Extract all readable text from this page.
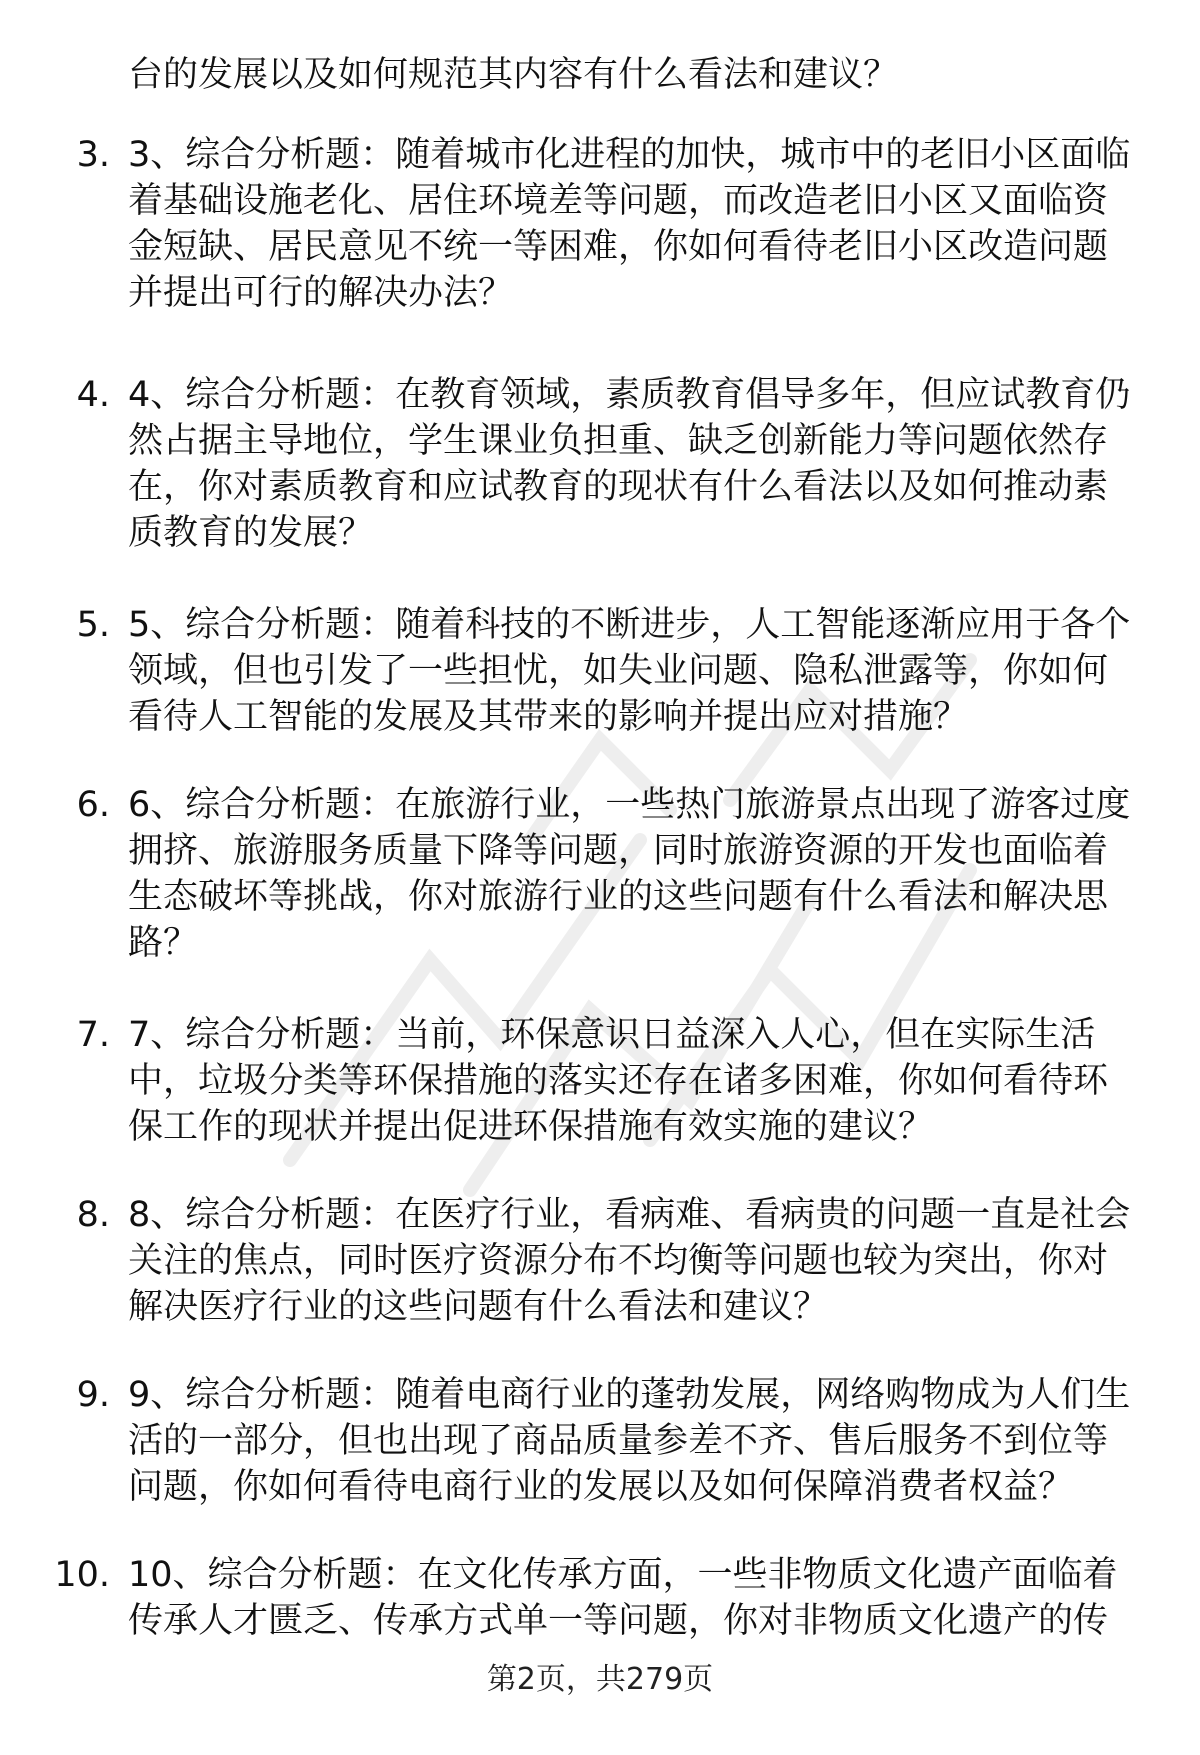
台的发展以及如何规范其内容有什么看法和建议？
3. 3、综合分析题：随着城市化进程的加快，城市中的老旧小区面临
着基础设施老化、居住环境差等问题，而改造老旧小区又面临资
金短缺、居民意见不统一等困难，你如何看待老旧小区改造问题
并提出可行的解决办法？
4. 4、综合分析题：在教育领域，素质教育倡导多年，但应试教育仍
然占据主导地位，学生课业负担重、缺乏创新能力等问题依然存
在，你对素质教育和应试教育的现状有什么看法以及如何推动素
质教育的发展？
5. 5、综合分析题：随着科技的不断进步，人工智能逐渐应用于各个
领域，但也引发了一些担忧，如失业问题、隐私泄露等，你如何
看待人工智能的发展及其带来的影响并提出应对措施？
6. 6、综合分析题：在旅游行业，一些热门旅游景点出现了游客过度
拥挤、旅游服务质量下降等问题，同时旅游资源的开发也面临着
生态破坏等挑战，你对旅游行业的这些问题有什么看法和解决思
路？
7. 7、综合分析题：当前，环保意识日益深入人心，但在实际生活
中，垃圾分类等环保措施的落实还存在诸多困难，你如何看待环
保工作的现状并提出促进环保措施有效实施的建议？
8. 8、综合分析题：在医疗行业，看病难、看病贵的问题一直是社会
关注的焦点，同时医疗资源分布不均衡等问题也较为突出，你对
解决医疗行业的这些问题有什么看法和建议？
9. 9、综合分析题：随着电商行业的蓬勃发展，网络购物成为人们生
活的一部分，但也出现了商品质量参差不齐、售后服务不到位等
问题，你如何看待电商行业的发展以及如何保障消费者权益？
10. 10、综合分析题：在文化传承方面，一些非物质文化遗产面临着
传承人才匮乏、传承方式单一等问题，你对非物质文化遗产的传
第2页，共279页
